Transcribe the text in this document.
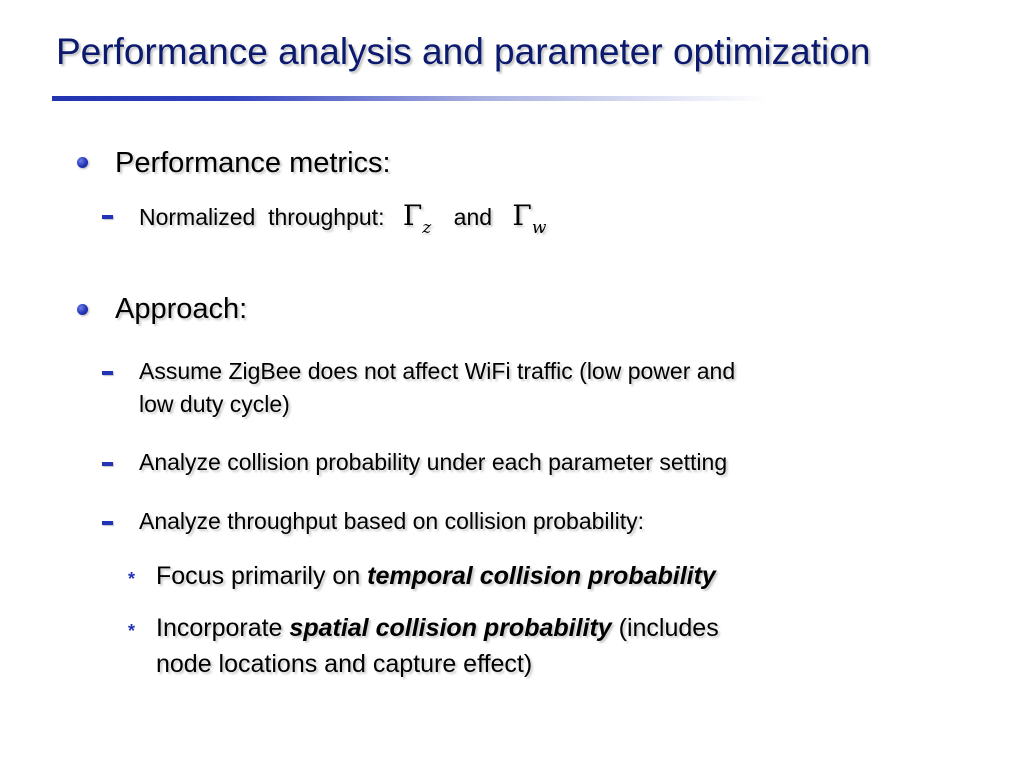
Performance analysis and parameter optimization
Performance metrics:
Normalized  throughput: $\Gamma_z$ and $\Gamma_w$
Approach:
Assume ZigBee does not affect WiFi traffic (low power and
low duty cycle)
Analyze collision probability under each parameter setting
Analyze throughput based on collision probability:
* Focus primarily on temporal collision probability
* Incorporate spatial collision probability (includes
node locations and capture effect)
